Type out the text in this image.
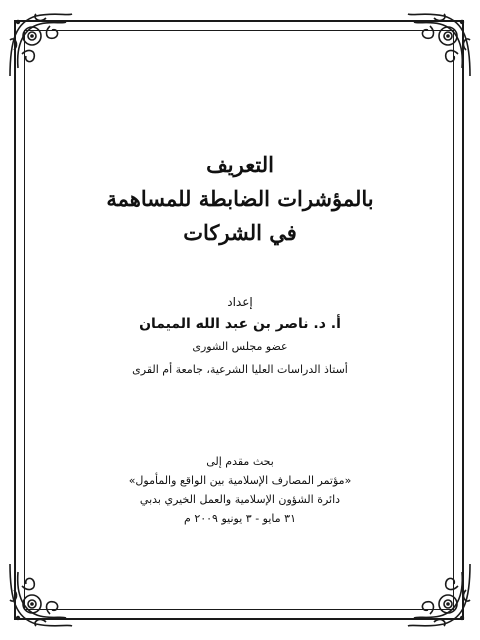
التعريف
بالمؤشرات الضابطة للمساهمة
في الشركات
إعداد
أ. د. ناصر بن عبد الله الميمان
عضو مجلس الشورى
أستاذ الدراسات العليا الشرعية، جامعة أم القرى
بحث مقدم إلى
«مؤتمر المصارف الإسلامية بين الواقع والمأمول»
دائرة الشؤون الإسلامية والعمل الخيري بدبي
٣١ مايو - ٣ يونيو ٢٠٠٩ م
